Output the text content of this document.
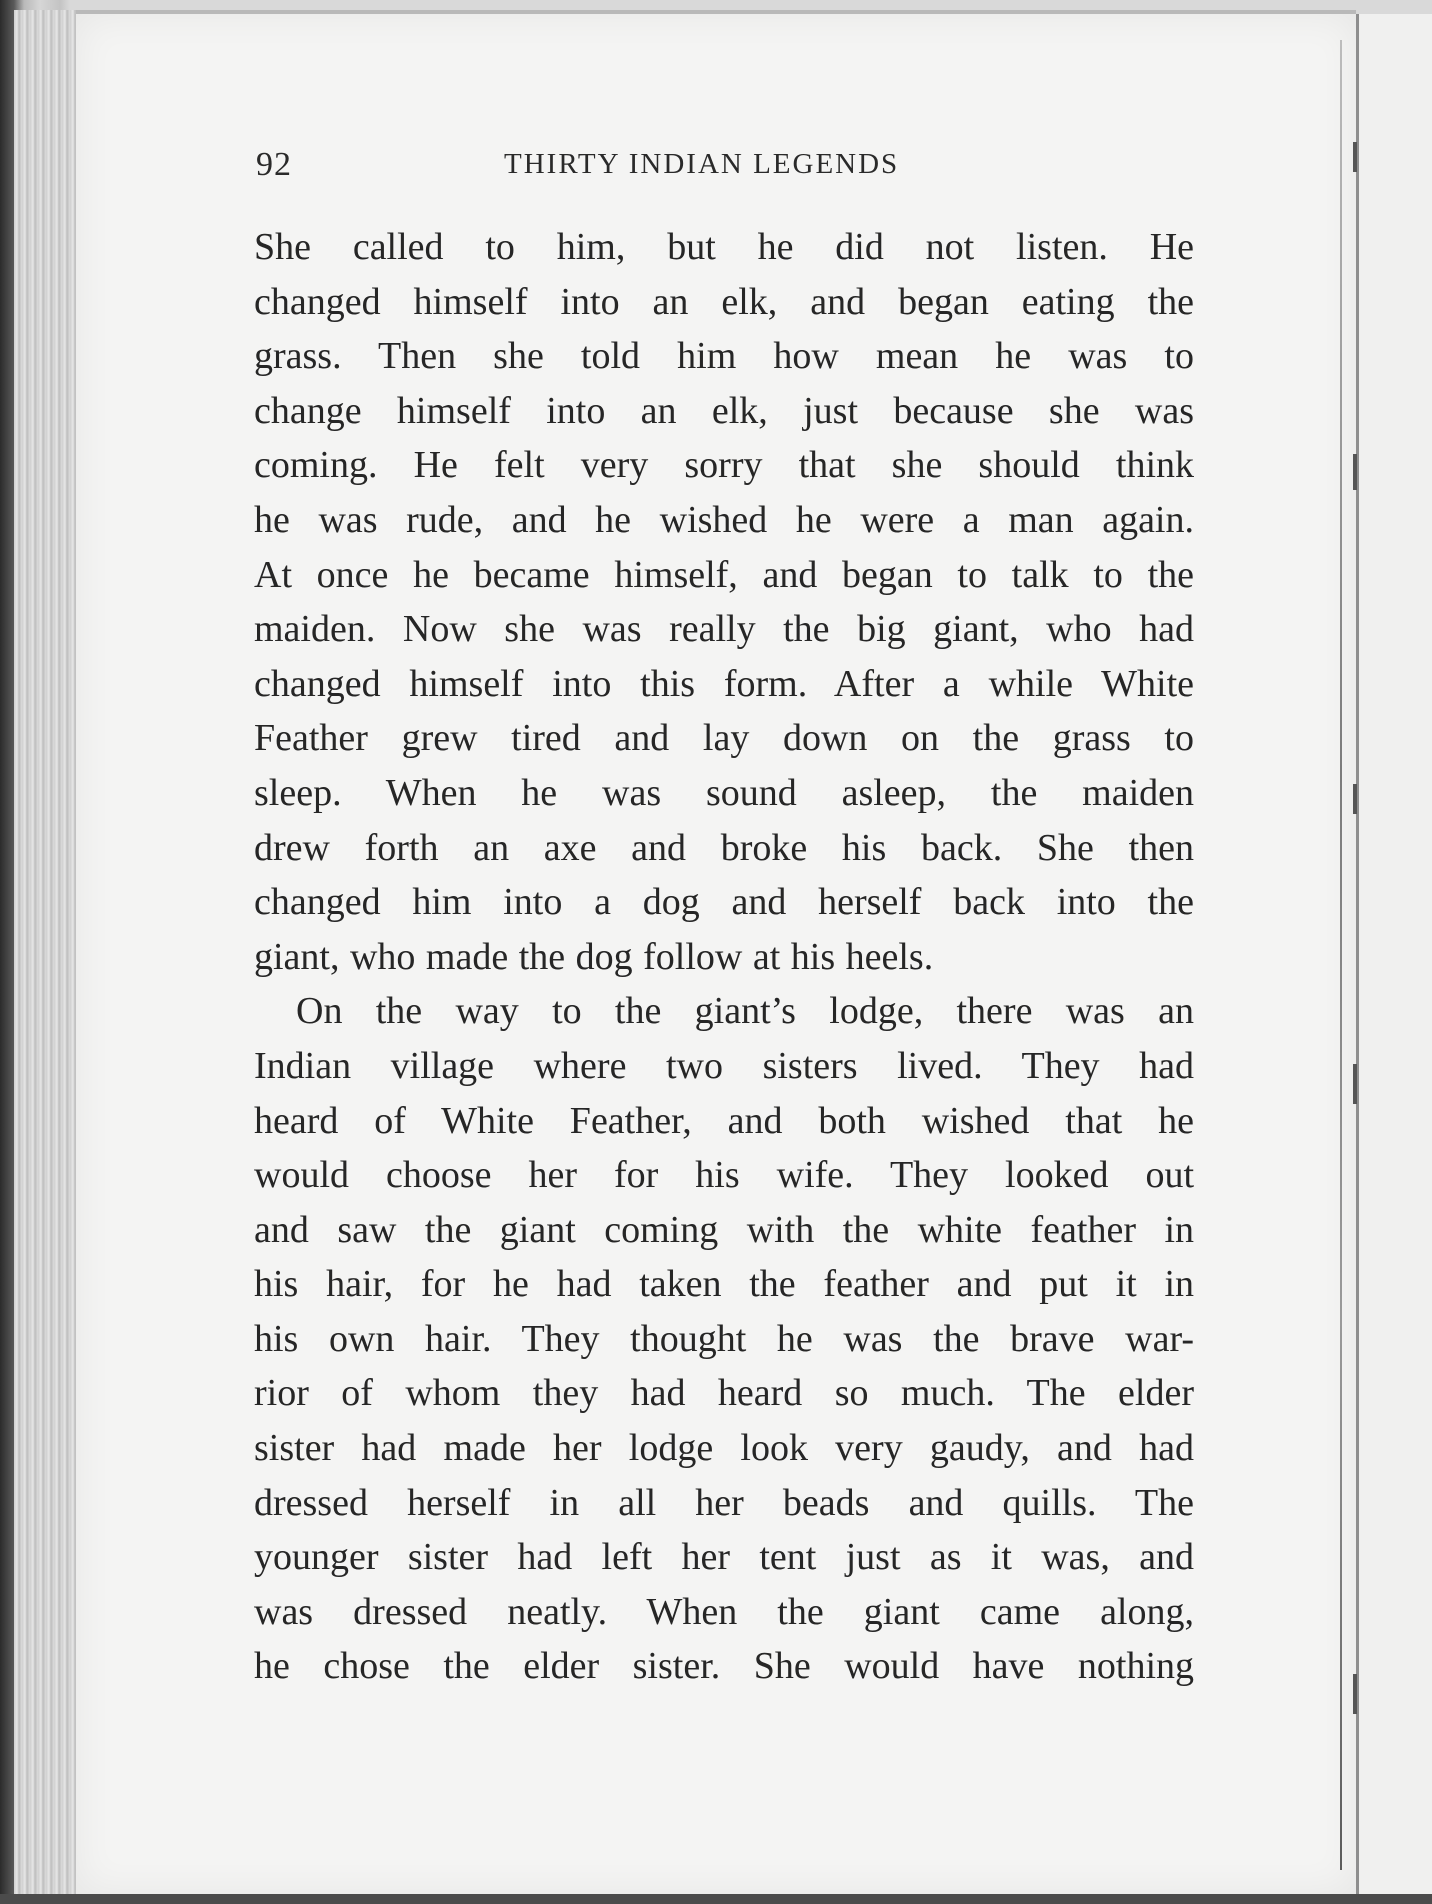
92	THIRTY INDIAN LEGENDS
She called to him, but he did not listen. He
changed himself into an elk, and began eating the
grass. Then she told him how mean he was to
change himself into an elk, just because she was
coming. He felt very sorry that she should think
he was rude, and he wished he were a man again.
At once he became himself, and began to talk to the
maiden. Now she was really the big giant, who had
changed himself into this form. After a while White
Feather grew tired and lay down on the grass to
sleep. When he was sound asleep, the maiden
drew forth an axe and broke his back. She then
changed him into a dog and herself back into the
giant, who made the dog follow at his heels.
On the way to the giant’s lodge, there was an
Indian village where two sisters lived. They had
heard of White Feather, and both wished that he
would choose her for his wife. They looked out
and saw the giant coming with the white feather in
his hair, for he had taken the feather and put it in
his own hair. They thought he was the brave war-
rior of whom they had heard so much. The elder
sister had made her lodge look very gaudy, and had
dressed herself in all her beads and quills. The
younger sister had left her tent just as it was, and
was dressed neatly. When the giant came along,
he chose the elder sister. She would have nothing
